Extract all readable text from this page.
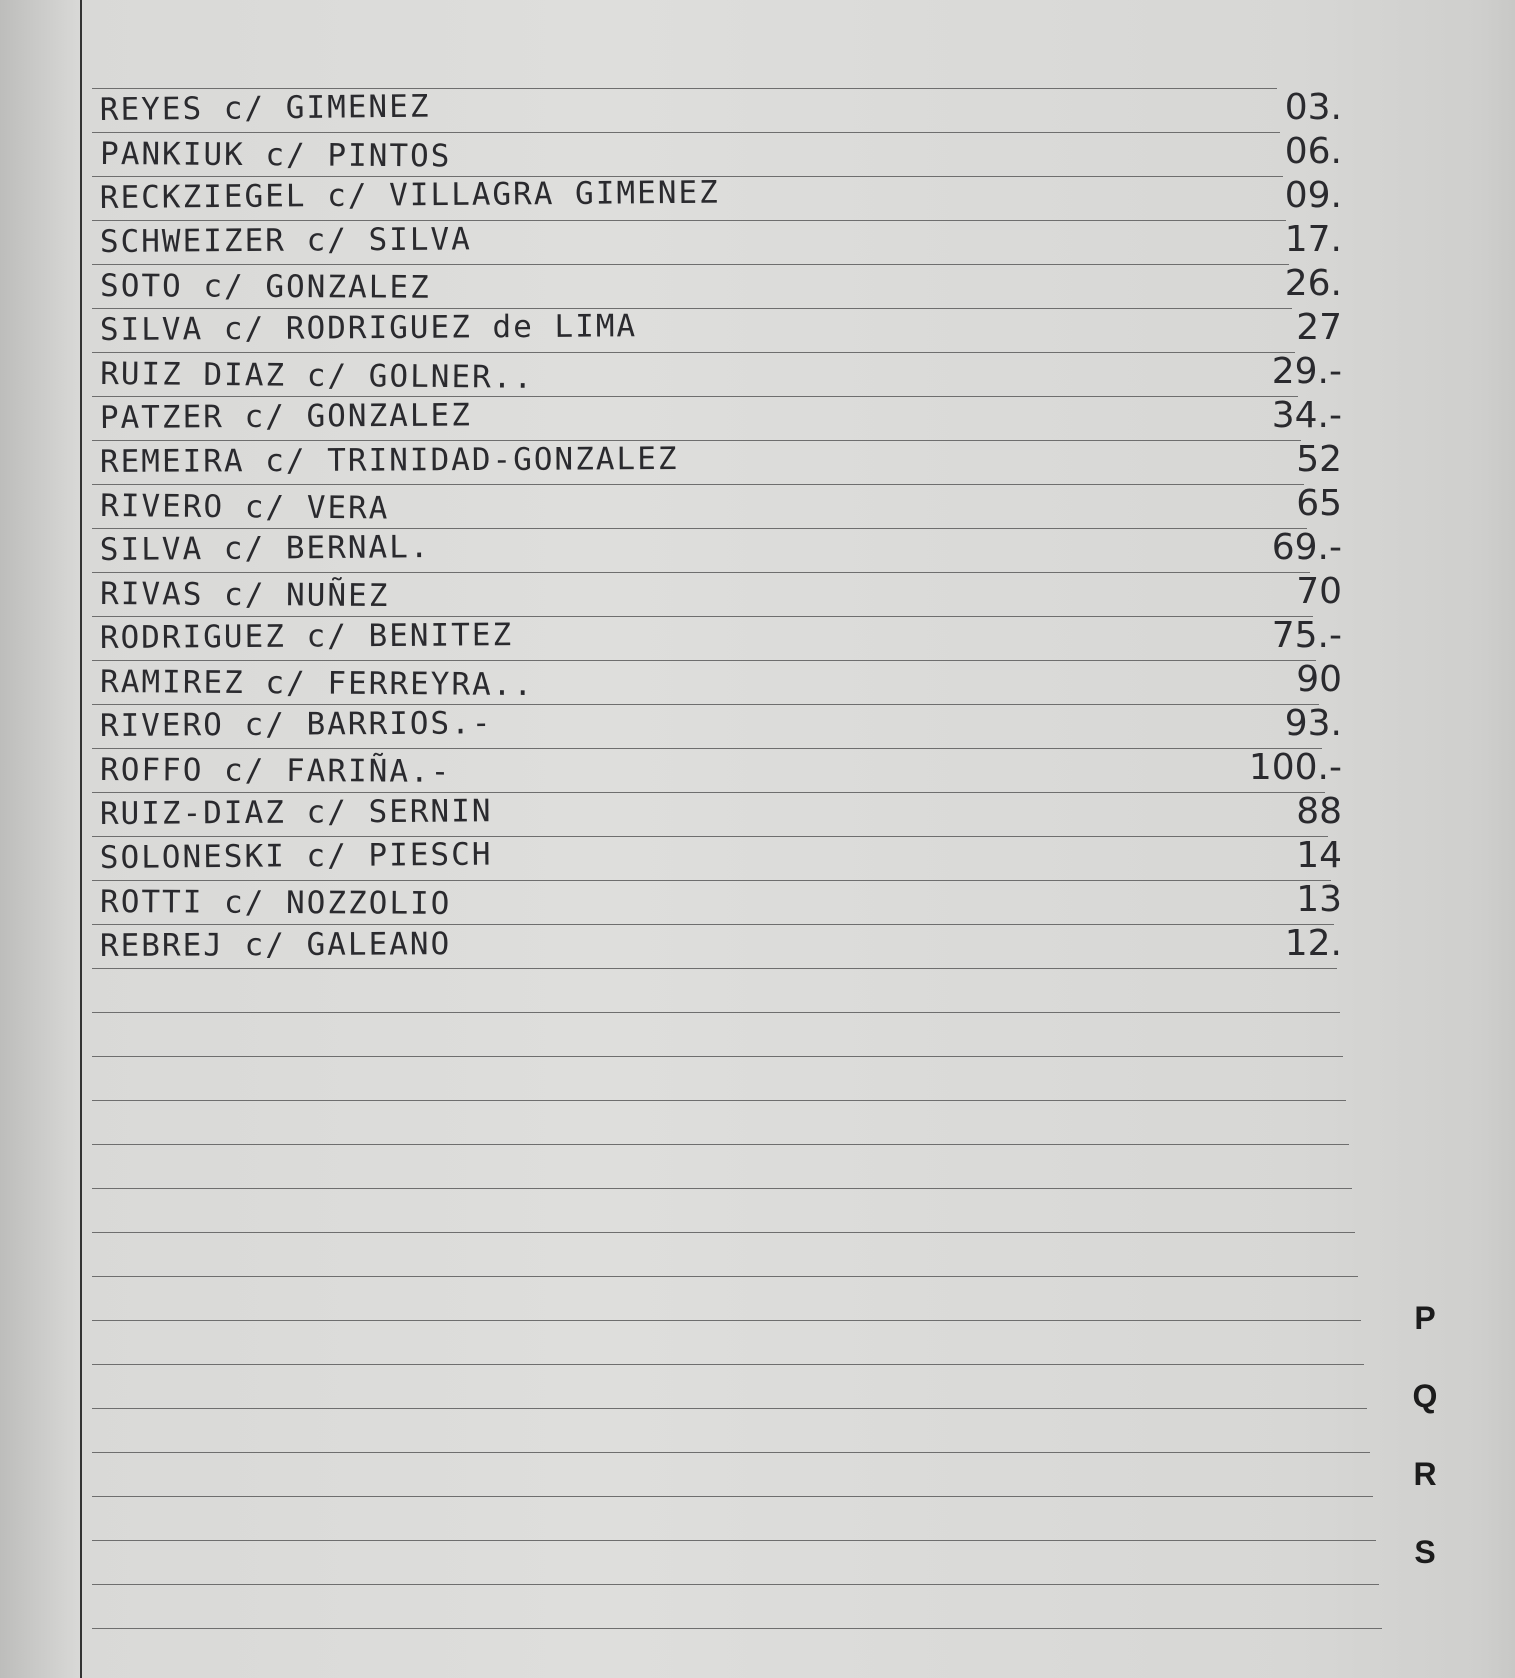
REYES c/ GIMENEZ	03.
PANKIUK c/ PINTOS	06.
RECKZIEGEL c/ VILLAGRA GIMENEZ	09.
SCHWEIZER c/ SILVA	17.
SOTO c/ GONZALEZ	26.
SILVA c/ RODRIGUEZ de LIMA	27
RUIZ DIAZ c/ GOLNER..	29.-
PATZER c/ GONZALEZ	34.-
REMEIRA c/ TRINIDAD-GONZALEZ	52
RIVERO c/ VERA	65
SILVA c/ BERNAL.	69.-
RIVAS c/ NUÑEZ	70
RODRIGUEZ c/ BENITEZ	75.-
RAMIREZ c/ FERREYRA..	90
RIVERO c/ BARRIOS.-	93.
ROFFO c/ FARIÑA.-	100.-
RUIZ-DIAZ c/ SERNIN	88
SOLONESKI c/ PIESCH	14
ROTTI c/ NOZZOLIO	13
REBREJ c/ GALEANO	12.
P
Q
R
S
